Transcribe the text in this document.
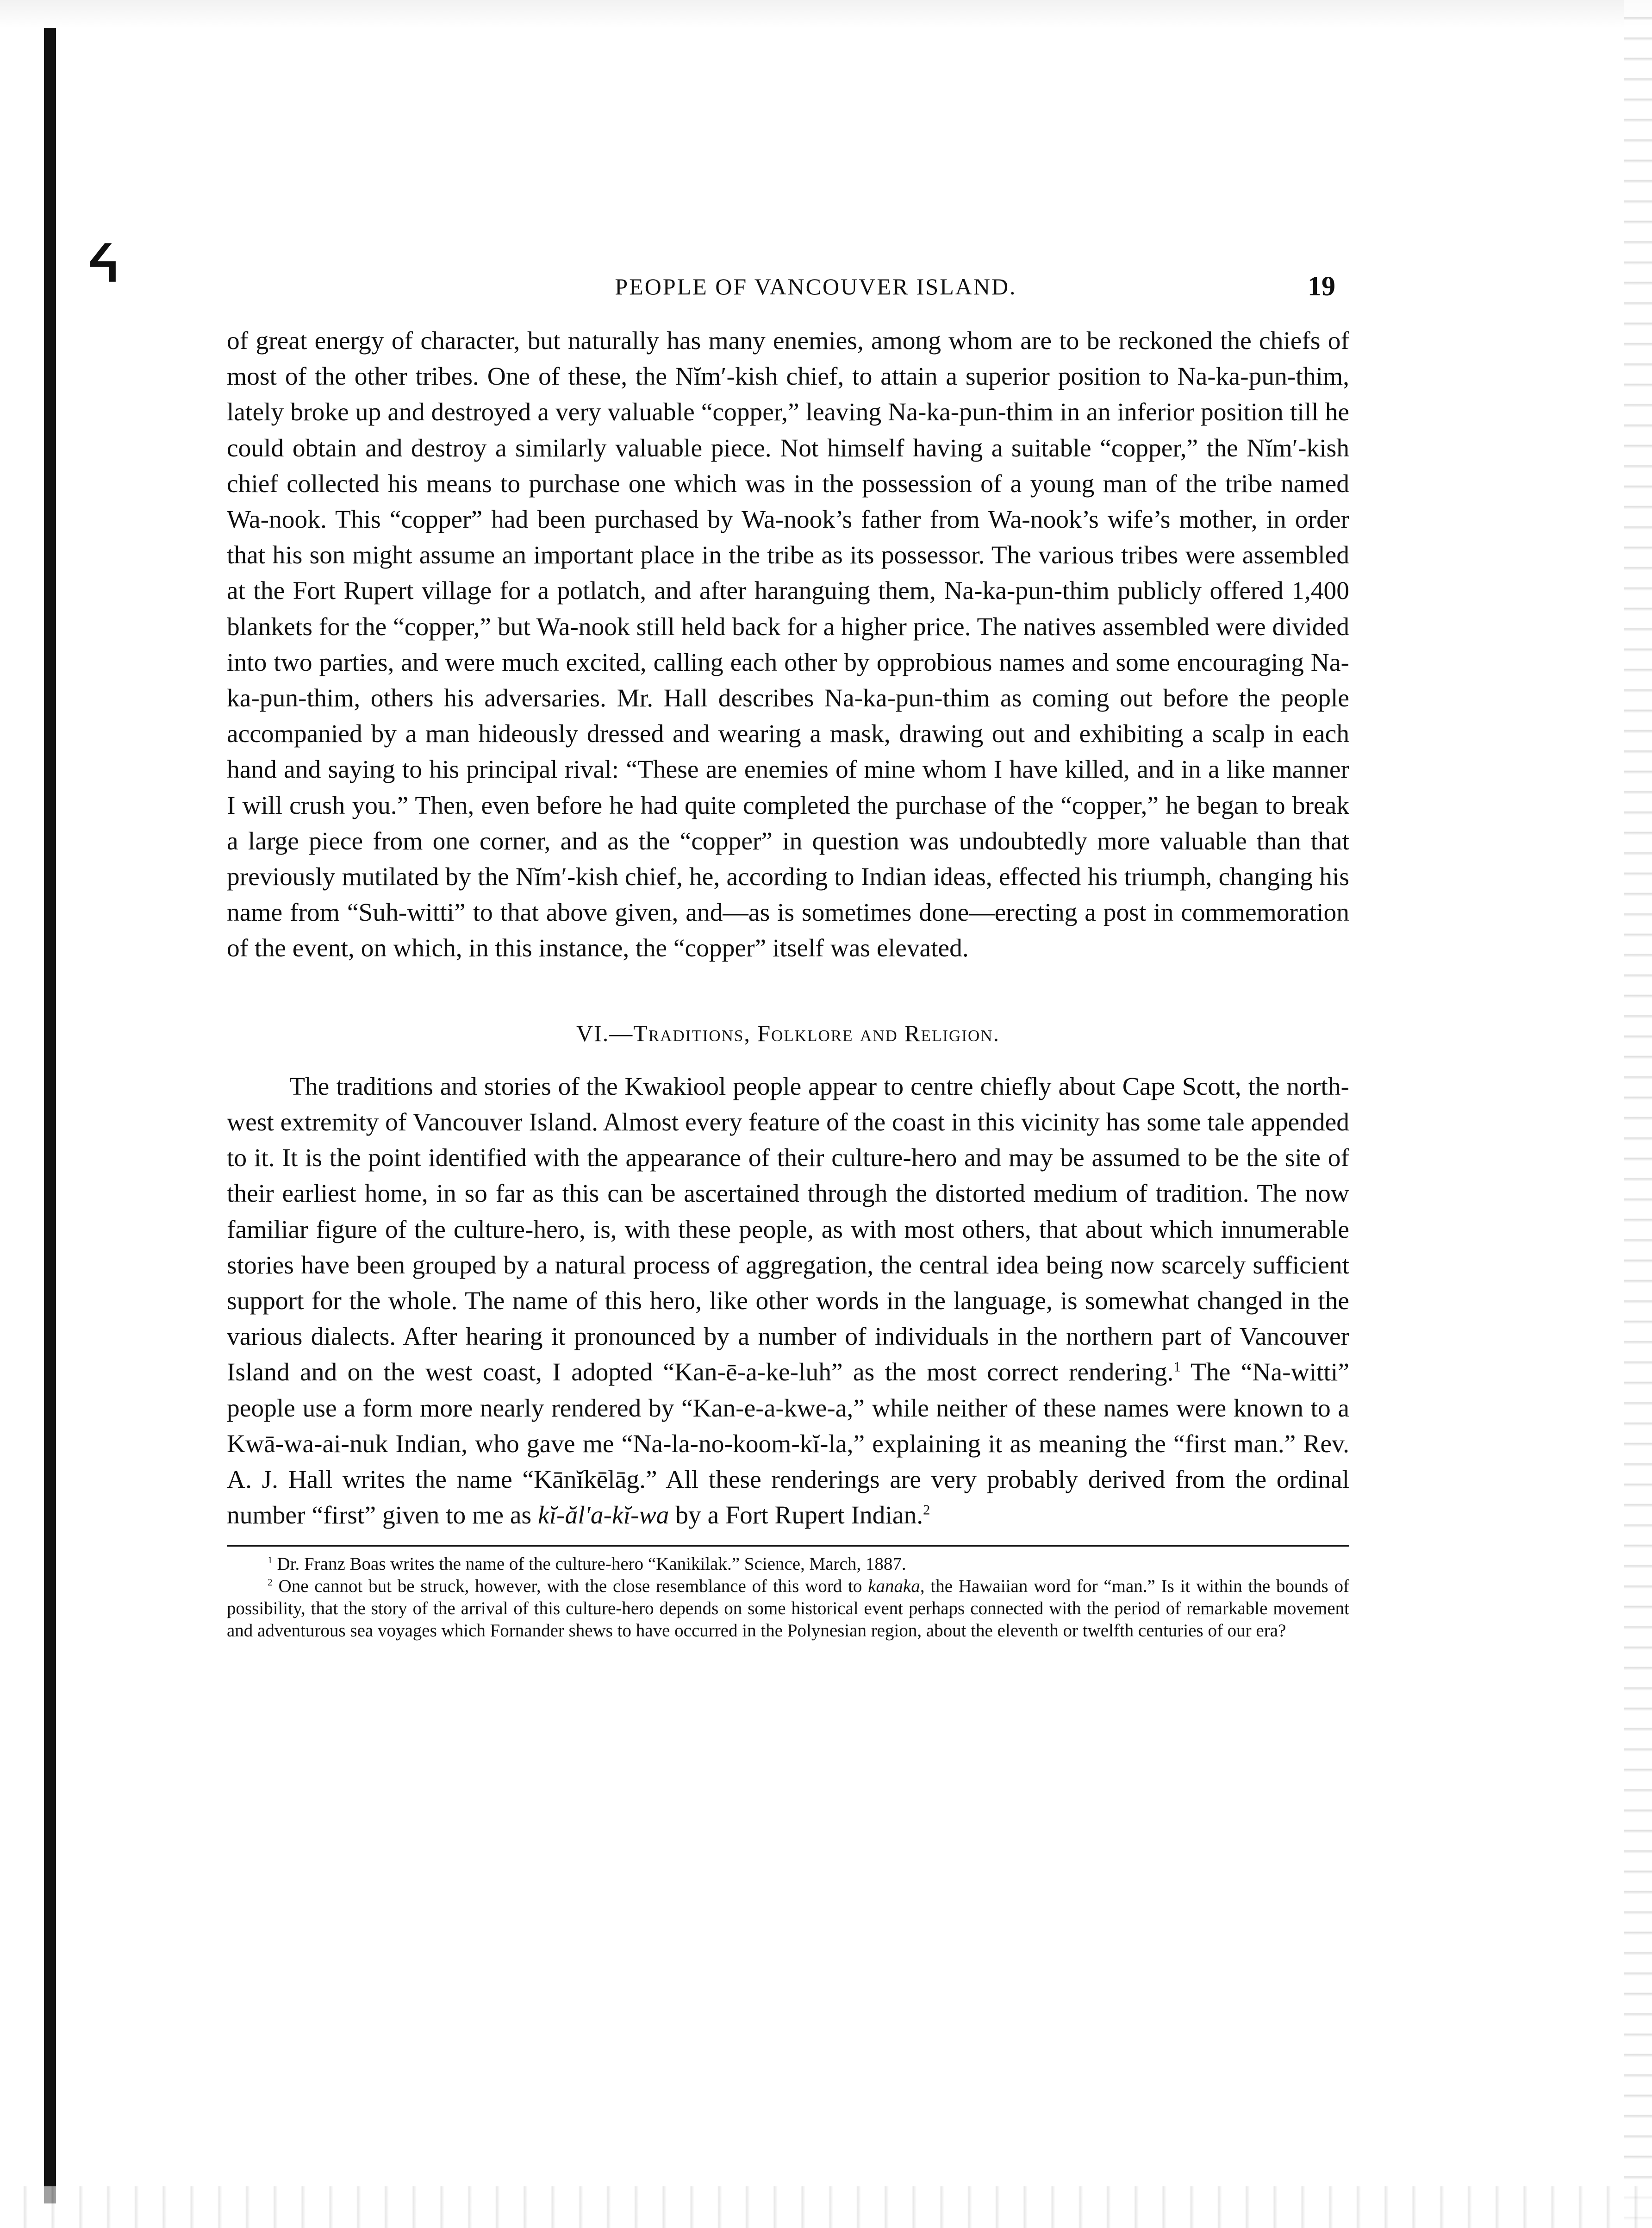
ᔦ	PEOPLE OF VANCOUVER ISLAND.	19

of great energy of character, but naturally has many enemies, among whom are to be reckoned the chiefs of most of the other tribes. One of these, the Nĭm′-kish chief, to attain a superior position to Na-ka-pun-thim, lately broke up and destroyed a very valuable “copper,” leaving Na-ka-pun-thim in an inferior position till he could obtain and destroy a similarly valuable piece. Not himself having a suitable “copper,” the Nĭm′-kish chief collected his means to purchase one which was in the possession of a young man of the tribe named Wa-nook. This “copper” had been purchased by Wa-nook’s father from Wa-nook’s wife’s mother, in order that his son might assume an important place in the tribe as its possessor. The various tribes were assembled at the Fort Rupert village for a potlatch, and after haranguing them, Na-ka-pun-thim publicly offered 1,400 blankets for the “copper,” but Wa-nook still held back for a higher price. The natives assembled were divided into two parties, and were much excited, calling each other by opprobious names and some encouraging Na-ka-pun-thim, others his adversaries. Mr. Hall describes Na-ka-pun-thim as coming out before the people accompanied by a man hideously dressed and wearing a mask, drawing out and exhibiting a scalp in each hand and saying to his principal rival: “These are enemies of mine whom I have killed, and in a like manner I will crush you.” Then, even before he had quite completed the purchase of the “copper,” he began to break a large piece from one corner, and as the “copper” in question was undoubtedly more valuable than that previously mutilated by the Nĭm′-kish chief, he, according to Indian ideas, effected his triumph, changing his name from “Suh-witti” to that above given, and—as is sometimes done—erecting a post in commemoration of the event, on which, in this instance, the “copper” itself was elevated.

VI.—Traditions, Folklore and Religion.

The traditions and stories of the Kwakiool people appear to centre chiefly about Cape Scott, the north-west extremity of Vancouver Island. Almost every feature of the coast in this vicinity has some tale appended to it. It is the point identified with the appearance of their culture-hero and may be assumed to be the site of their earliest home, in so far as this can be ascertained through the distorted medium of tradition. The now familiar figure of the culture-hero, is, with these people, as with most others, that about which innumerable stories have been grouped by a natural process of aggregation, the central idea being now scarcely sufficient support for the whole. The name of this hero, like other words in the language, is somewhat changed in the various dialects. After hearing it pronounced by a number of individuals in the northern part of Vancouver Island and on the west coast, I adopted “Kan-ē-a-ke-luh” as the most correct rendering.$^1$ The “Na-witti” people use a form more nearly rendered by “Kan-e-a-kwe-a,” while neither of these names were known to a Kwā-wa-ai-nuk Indian, who gave me “Na-la-no-koom-kĭ-la,” explaining it as meaning the “first man.” Rev. A. J. Hall writes the name “Kānĭkēlāg.” All these renderings are very probably derived from the ordinal number “first” given to me as kĭ-ăl′a-kĭ-wa by a Fort Rupert Indian.$^2$

$^1$ Dr. Franz Boas writes the name of the culture-hero “Kanikilak.” Science, March, 1887.

$^2$ One cannot but be struck, however, with the close resemblance of this word to kanaka, the Hawaiian word for “man.” Is it within the bounds of possibility, that the story of the arrival of this culture-hero depends on some historical event perhaps connected with the period of remarkable movement and adventurous sea voyages which Fornander shews to have occurred in the Polynesian region, about the eleventh or twelfth centuries of our era?
